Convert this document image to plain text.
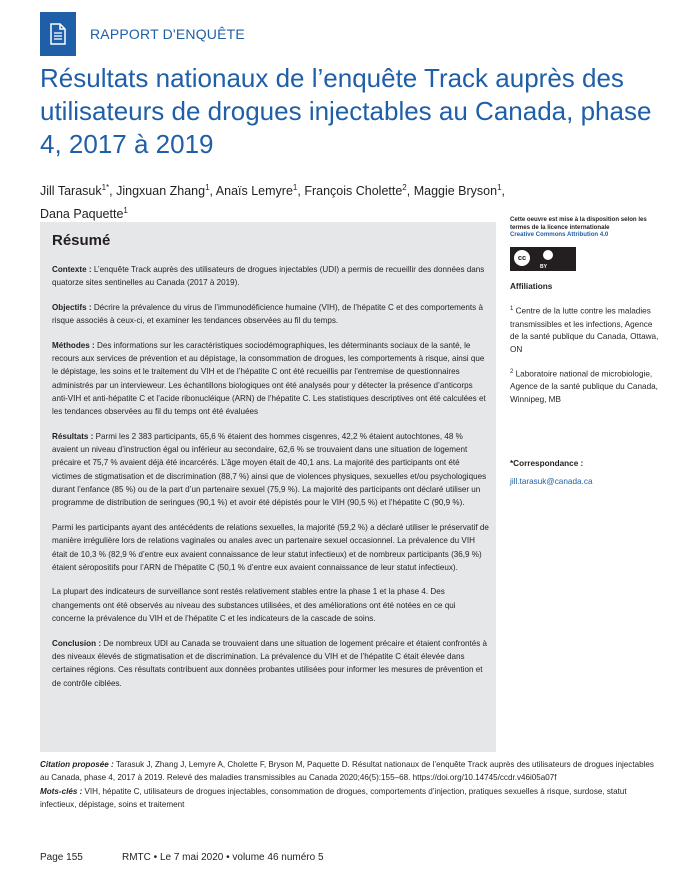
RAPPORT D'ENQUÊTE
Résultats nationaux de l’enquête Track auprès des utilisateurs de drogues injectables au Canada, phase 4, 2017 à 2019
Jill Tarasuk$^{1*}$, Jingxuan Zhang$^1$, Anaïs Lemyre$^1$, François Cholette$^2$, Maggie Bryson$^1$,
Dana Paquette$^1$
Résumé

Contexte : L’enquête Track auprès des utilisateurs de drogues injectables (UDI) a permis de recueillir des données dans quatorze sites sentinelles au Canada (2017 à 2019).

Objectifs : Décrire la prévalence du virus de l’immunodéficience humaine (VIH), de l’hépatite C et des comportements à risque associés à ceux-ci, et examiner les tendances observées au fil du temps.

Méthodes : Des informations sur les caractéristiques sociodémographiques, les déterminants sociaux de la santé, le recours aux services de prévention et au dépistage, la consommation de drogues, les comportements à risque, ainsi que le dépistage, les soins et le traitement du VIH et de l’hépatite C ont été recueillis par l’entremise de questionnaires administrés par un intervieweur. Les échantillons biologiques ont été analysés pour y détecter la présence d’anticorps anti-VIH et anti-hépatite C et l’acide ribonucléique (ARN) de l’hépatite C. Les statistiques descriptives ont été calculées et les tendances observées au fil du temps ont été évaluées

Résultats : Parmi les 2 383 participants, 65,6 % étaient des hommes cisgenres, 42,2 % étaient autochtones, 48 % avaient un niveau d’instruction égal ou inférieur au secondaire, 62,6 % se trouvaient dans une situation de logement précaire et 75,7 % avaient déjà été incarcérés. L’âge moyen était de 40,1 ans. La majorité des participants ont été victimes de stigmatisation et de discrimination (88,7 %) ainsi que de violences physiques, sexuelles et/ou psychologiques durant l’enfance (85 %) ou de la part d’un partenaire sexuel (75,9 %). La majorité des participants ont déclaré utiliser un programme de distribution de seringues (90,1 %) et avoir été dépistés pour le VIH (90,5 %) et l’hépatite C (90,9 %).

Parmi les participants ayant des antécédents de relations sexuelles, la majorité (59,2 %) a déclaré utiliser le préservatif de manière irrégulière lors de relations vaginales ou anales avec un partenaire sexuel occasionnel. La prévalence du VIH était de 10,3 % (82,9 % d’entre eux avaient connaissance de leur statut infectieux) et de nombreux participants (36,9 %) étaient séropositifs pour l’ARN de l’hépatite C (50,1 % d’entre eux avaient connaissance de leur statut infectieux).

La plupart des indicateurs de surveillance sont restés relativement stables entre la phase 1 et la phase 4. Des changements ont été observés au niveau des substances utilisées, et des améliorations ont été notées en ce qui concerne la prévalence du VIH et de l’hépatite C et les indicateurs de la cascade de soins.

Conclusion : De nombreux UDI au Canada se trouvaient dans une situation de logement précaire et étaient confrontés à des niveaux élevés de stigmatisation et de discrimination. La prévalence du VIH et de l’hépatite C était élevée dans certaines régions. Ces résultats contribuent aux données probantes utilisées pour informer les mesures de prévention et de contrôle ciblées.

Cette oeuvre est mise à la disposition selon les termes de la licence internationale
Creative Commons Attribution 4.0
cc
BY
Affiliations
$^1$ Centre de la lutte contre les maladies transmissibles et les infections, Agence de la santé publique du Canada, Ottawa, ON
$^2$ Laboratoire national de microbiologie, Agence de la santé publique du Canada, Winnipeg, MB
*Correspondance :
jill.tarasuk@canada.ca
Citation proposée : Tarasuk J, Zhang J, Lemyre A, Cholette F, Bryson M, Paquette D. Résultat nationaux de l’enquête Track auprès des utilisateurs de drogues injectables au Canada, phase 4, 2017 à 2019. Relevé des maladies transmissibles au Canada 2020;46(5):155–68. https://doi.org/10.14745/ccdr.v46i05a07f
Mots-clés : VIH, hépatite C, utilisateurs de drogues injectables, consommation de drogues, comportements d’injection, pratiques sexuelles à risque, surdose, statut infectieux, dépistage, soins et traitement
Page 155	RMTC • Le 7 mai 2020 • volume 46 numéro 5
